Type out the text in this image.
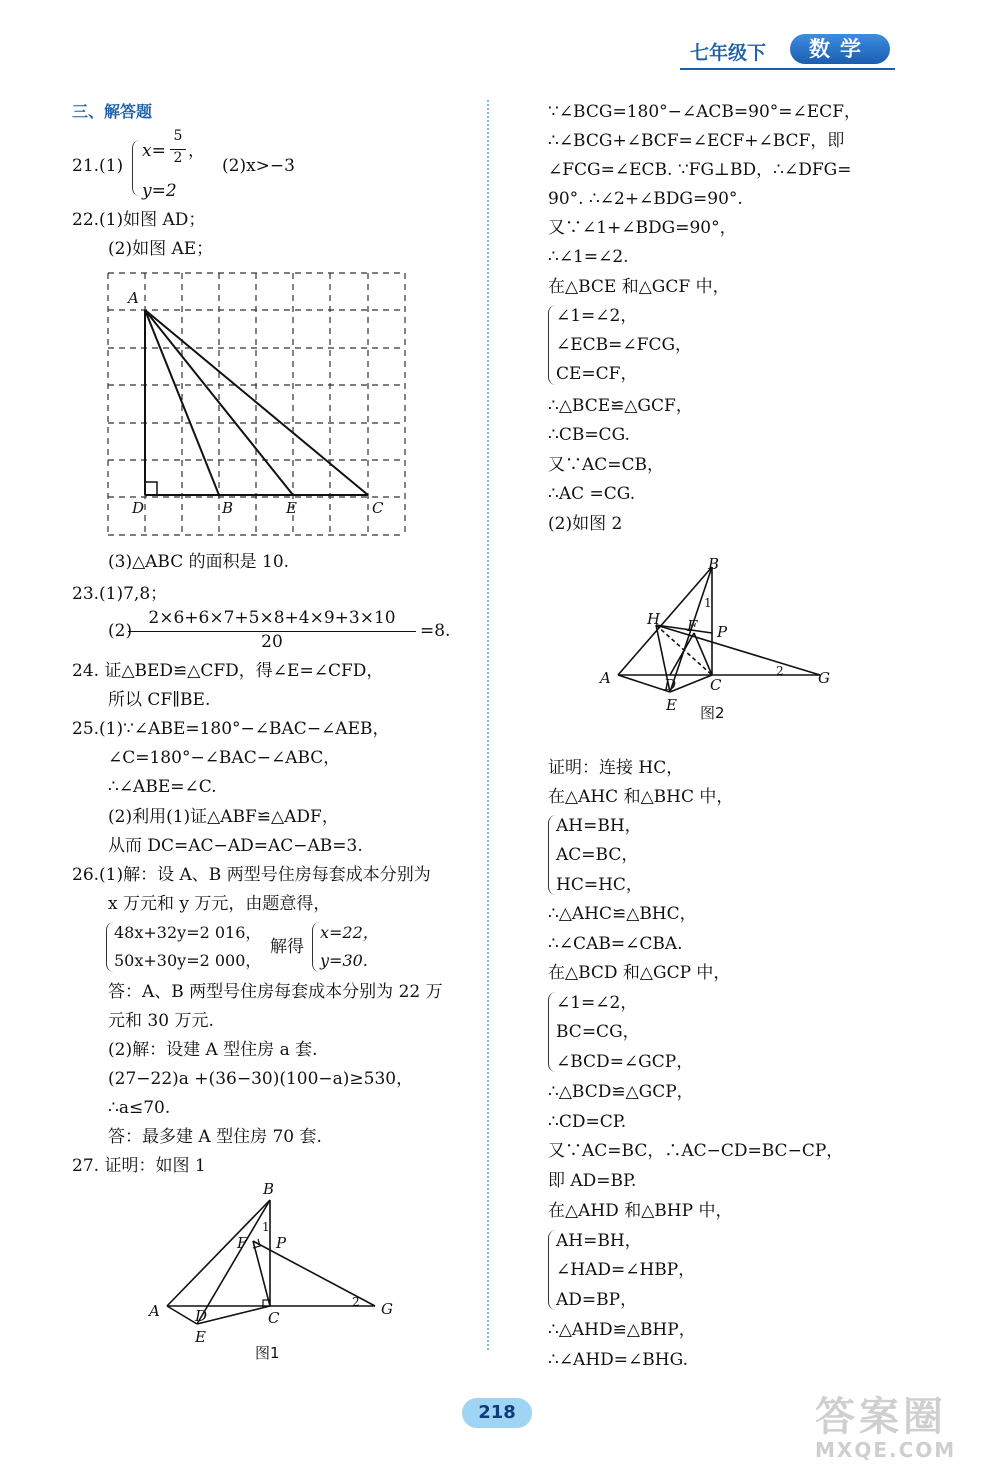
七年级下	数学
三、解答题
21.(1)
x=
5
2 ，
(2)x>−3
y=2
22.(1)如图 AD；
(2)如图 AE；
A
D	B	E	C
(3)△ABC 的面积是 10.
23.(1)7,8；
(2)
2×6+6×7+5×8+4×9+3×10
20
=8.
24. 证△BED≌△CFD，得∠E=∠CFD，
所以 CF∥BE.
25.(1)∵∠ABE=180°−∠BAC−∠AEB，
∠C=180°−∠BAC−∠ABC，
∴∠ABE=∠C.
(2)利用(1)证△ABF≌△ADF，
从而 DC=AC−AD=AC−AB=3.
26.(1)解：设 A、B 两型号住房每套成本分别为
x 万元和 y 万元，由题意得，
48x+32y=2 016，
解得
x=22，
50x+30y=2 000，	y=30.
答：A、B 两型号住房每套成本分别为 22 万
元和 30 万元.
(2)解：设建 A 型住房 a 套.
(27−22)a +(36−30)(100−a)≥530，
∴a≤70.
答：最多建 A 型住房 70 套.
27. 证明：如图 1
B
1
F P
A D	C
2 G
E
图1
∵∠BCG=180°−∠ACB=90°=∠ECF，
∴∠BCG+∠BCF=∠ECF+∠BCF，即
∠FCG=∠ECB. ∵FG⊥BD，∴∠DFG=
90°. ∴∠2+∠BDG=90°.
又∵∠1+∠BDG=90°，
∴∠1=∠2.
在△BCE 和△GCF 中，
∠1=∠2，
∠ECB=∠FCG，
CE=CF，
∴△BCE≌△GCF，
∴CB=CG.
又∵AC=CB，
∴AC =CG.
(2)如图 2
B
1
H F P
A	D C
2 G
E 图2
证明：连接 HC，
在△AHC 和△BHC 中，
AH=BH，
AC=BC，
HC=HC，
∴△AHC≌△BHC，
∴∠CAB=∠CBA.
在△BCD 和△GCP 中，
∠1=∠2，
BC=CG，
∠BCD=∠GCP，
∴△BCD≌△GCP，
∴CD=CP.
又∵AC=BC，∴AC−CD=BC−CP，
即 AD=BP.
在△AHD 和△BHP 中，
AH=BH，
∠HAD=∠HBP，
AD=BP，
∴△AHD≌△BHP，
∴∠AHD=∠BHG.
218	答案圈
MXQE.COM
